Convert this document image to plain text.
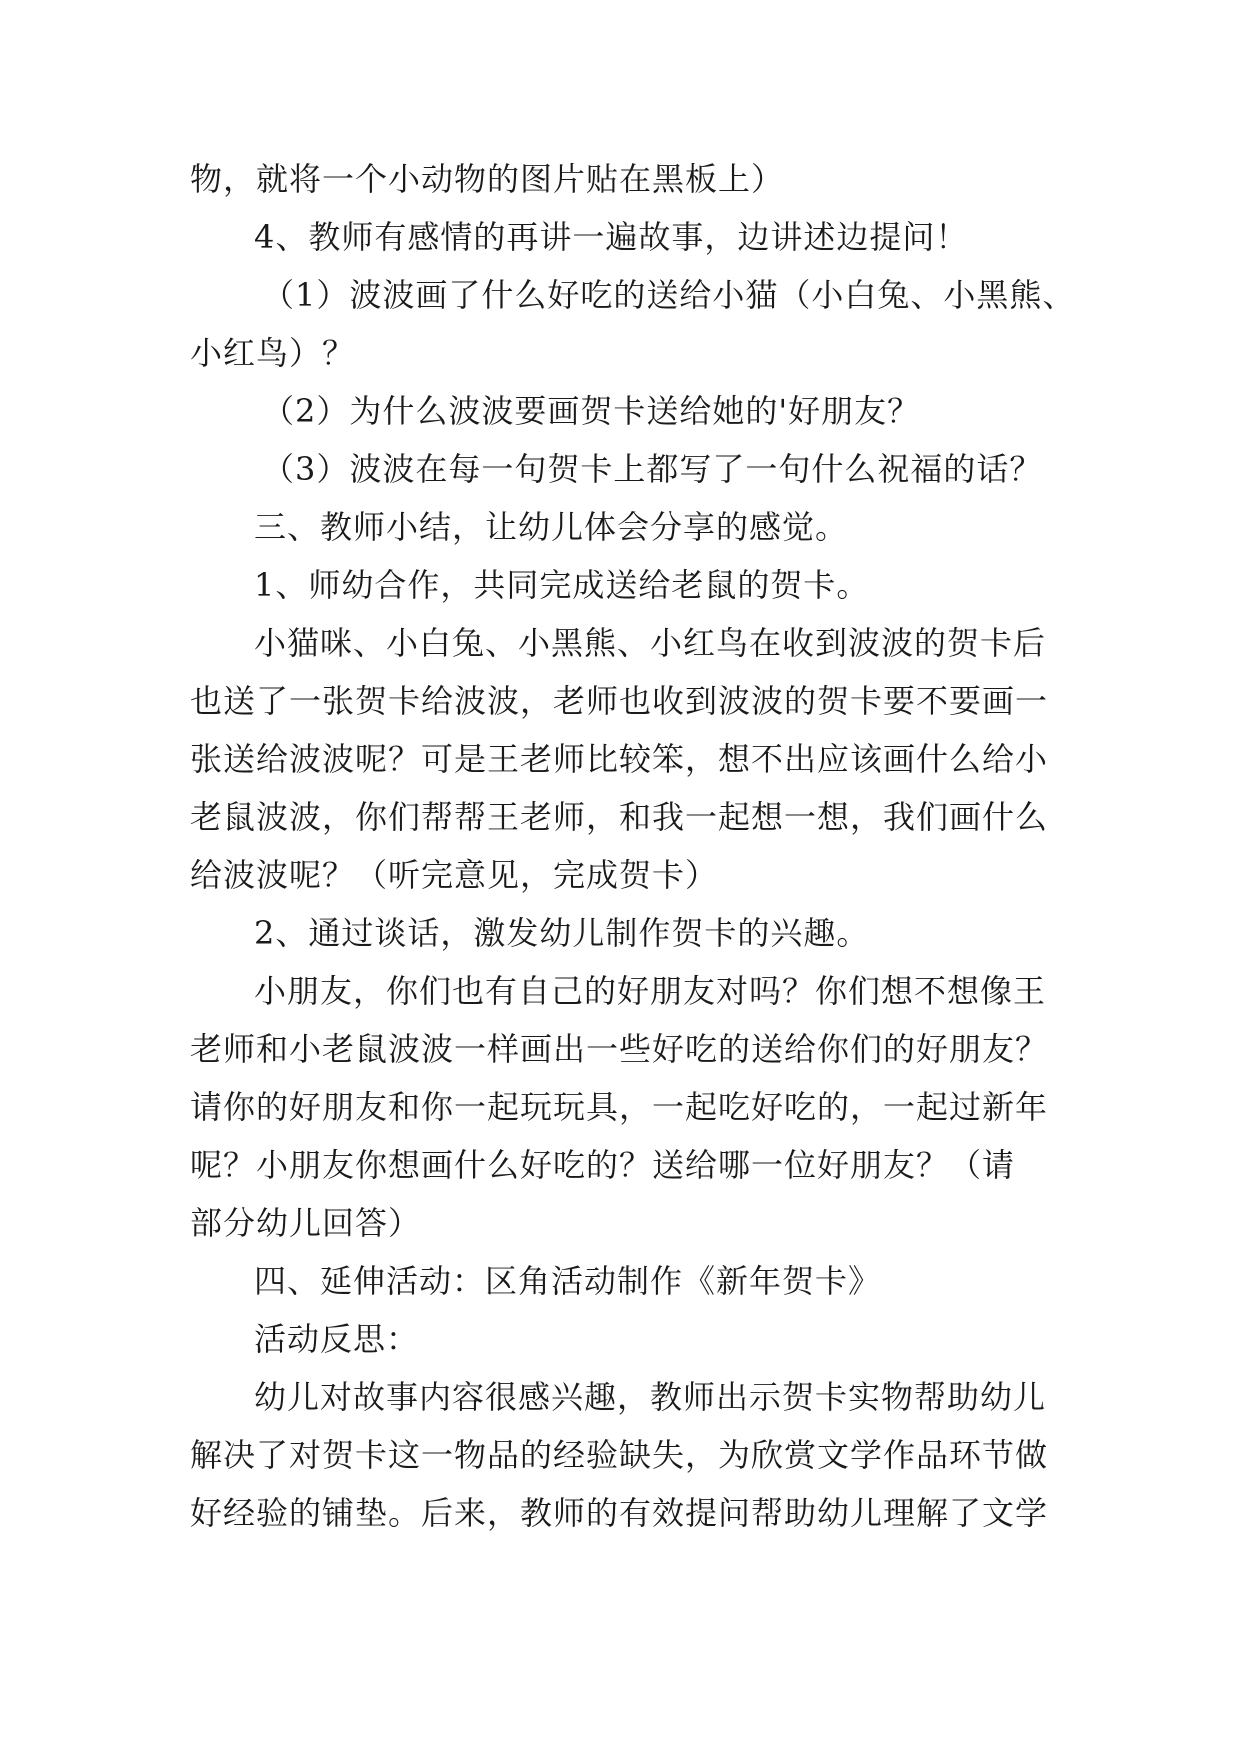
物，就将一个小动物的图片贴在黑板上）

4、教师有感情的再讲一遍故事，边讲述边提问！

（1）波波画了什么好吃的送给小猫（小白兔、小黑熊、

小红鸟）？

（2）为什么波波要画贺卡送给她的'好朋友？

（3）波波在每一句贺卡上都写了一句什么祝福的话？

三、教师小结，让幼儿体会分享的感觉。

1、师幼合作，共同完成送给老鼠的贺卡。

小猫咪、小白兔、小黑熊、小红鸟在收到波波的贺卡后

也送了一张贺卡给波波，老师也收到波波的贺卡要不要画一

张送给波波呢？可是王老师比较笨，想不出应该画什么给小

老鼠波波，你们帮帮王老师，和我一起想一想，我们画什么

给波波呢？（听完意见，完成贺卡）

2、通过谈话，激发幼儿制作贺卡的兴趣。

小朋友，你们也有自己的好朋友对吗？你们想不想像王

老师和小老鼠波波一样画出一些好吃的送给你们的好朋友？

请你的好朋友和你一起玩玩具，一起吃好吃的，一起过新年

呢？小朋友你想画什么好吃的？送给哪一位好朋友？（请

部分幼儿回答）

四、延伸活动：区角活动制作《新年贺卡》

活动反思：

幼儿对故事内容很感兴趣，教师出示贺卡实物帮助幼儿

解决了对贺卡这一物品的经验缺失，为欣赏文学作品环节做

好经验的铺垫。后来，教师的有效提问帮助幼儿理解了文学
